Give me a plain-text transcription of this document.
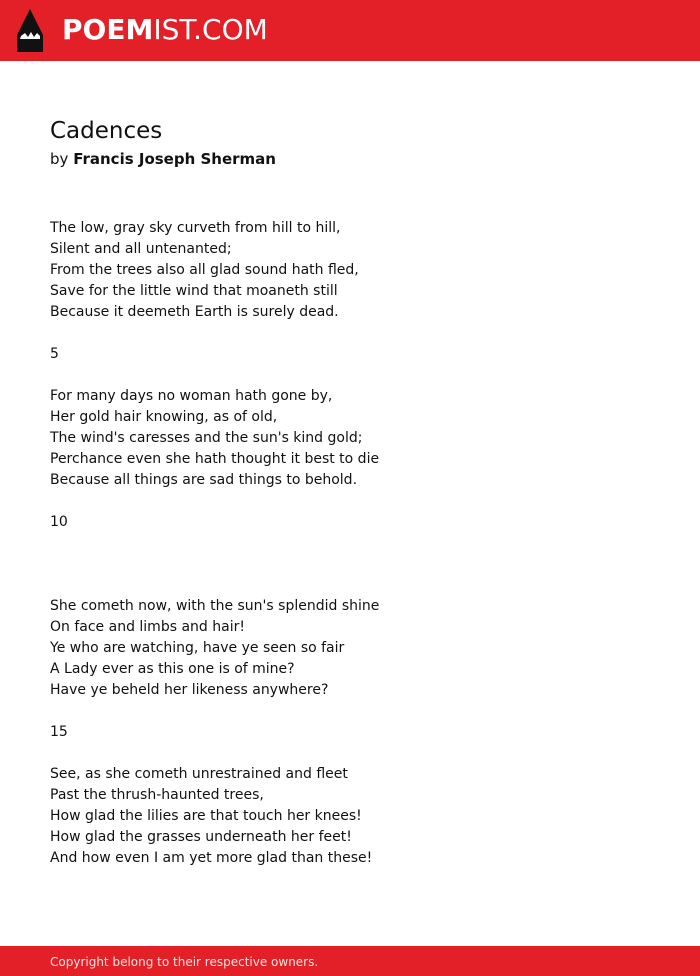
POEMIST.COM
Cadences
by Francis Joseph Sherman
The low, gray sky curveth from hill to hill,
Silent and all untenanted;
From the trees also all glad sound hath fled,
Save for the little wind that moaneth still
Because it deemeth Earth is surely dead.
5
For many days no woman hath gone by,
Her gold hair knowing, as of old,
The wind's caresses and the sun's kind gold;
Perchance even she hath thought it best to die
Because all things are sad things to behold.
10
She cometh now, with the sun's splendid shine
On face and limbs and hair!
Ye who are watching, have ye seen so fair
A Lady ever as this one is of mine?
Have ye beheld her likeness anywhere?
15
See, as she cometh unrestrained and fleet
Past the thrush-haunted trees,
How glad the lilies are that touch her knees!
How glad the grasses underneath her feet!
And how even I am yet more glad than these!
Copyright belong to their respective owners.
